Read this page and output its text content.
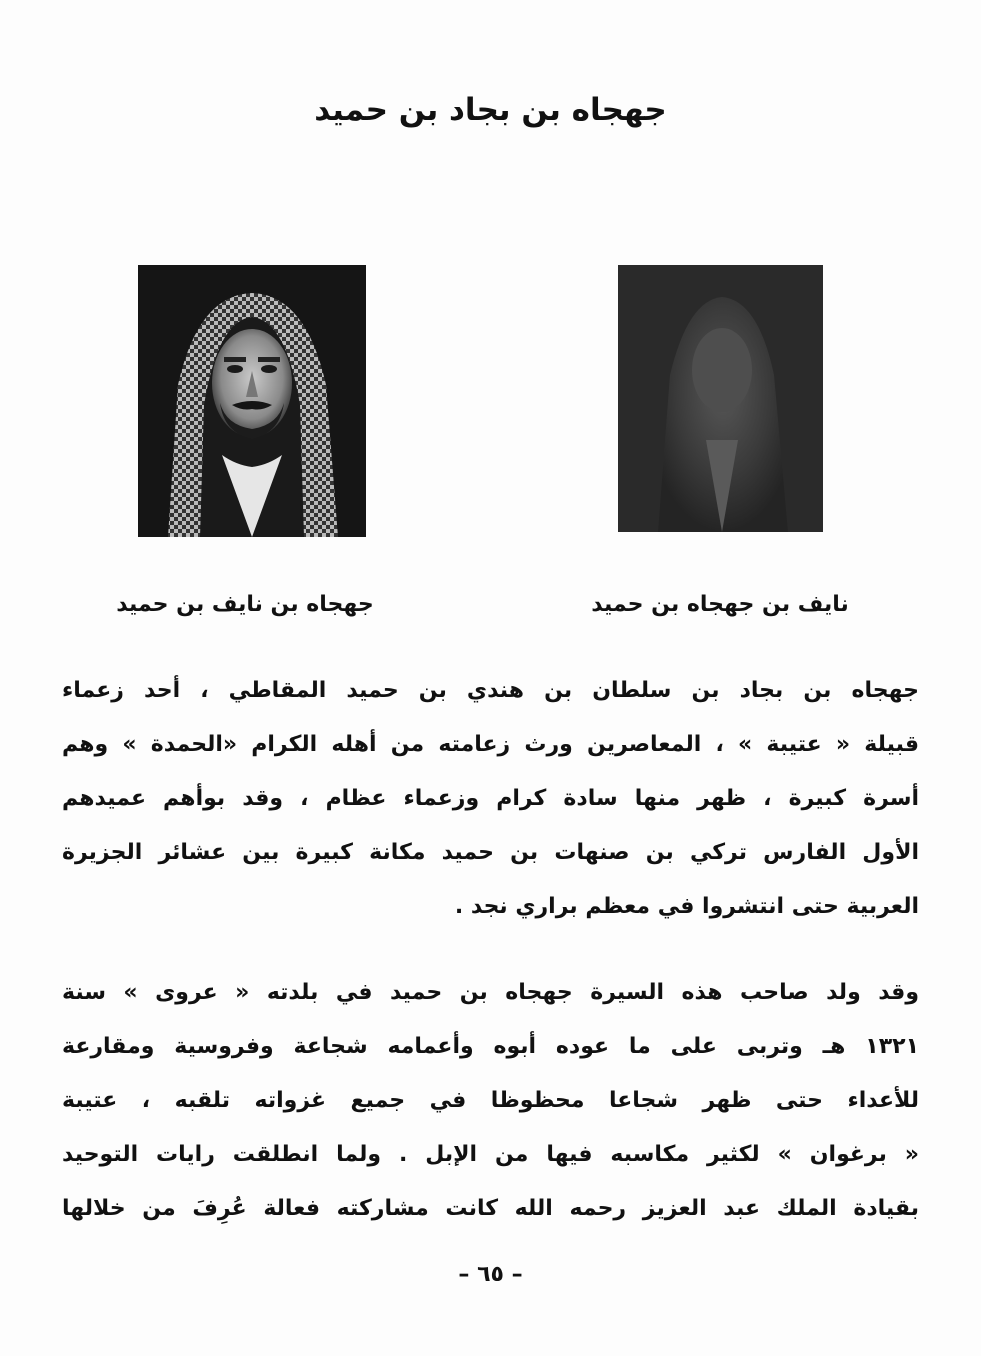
جهجاه بن بجاد بن حميد
جهجاه بن نايف بن حميد	نايف بن جهجاه بن حميد
جهجاه بن بجاد بن سلطان بن هندي بن حميد المقاطي ، أحد زعماء
قبيلة « عتيبة » ، المعاصرين ورث زعامته من أهله الكرام «الحمدة » وهم
أسرة كبيرة ، ظهر منها سادة كرام وزعماء عظام ، وقد بوأهم عميدهم
الأول الفارس تركي بن صنهات بن حميد مكانة كبيرة بين عشائر الجزيرة
العربية حتى انتشروا في معظم براري نجد .
وقد ولد صاحب هذه السيرة جهجاه بن حميد في بلدته « عروى » سنة
١٣٢١ هـ وتربى على ما عوده أبوه وأعمامه شجاعة وفروسية ومقارعة
للأعداء حتى ظهر شجاعا محظوظا في جميع غزواته تلقبه ، عتيبة
« برغوان » لكثير مكاسبه فيها من الإبل . ولما انطلقت رايات التوحيد
بقيادة الملك عبد العزيز رحمه الله كانت مشاركته فعالة عُرِفَ من خلالها
– ٦٥ –
